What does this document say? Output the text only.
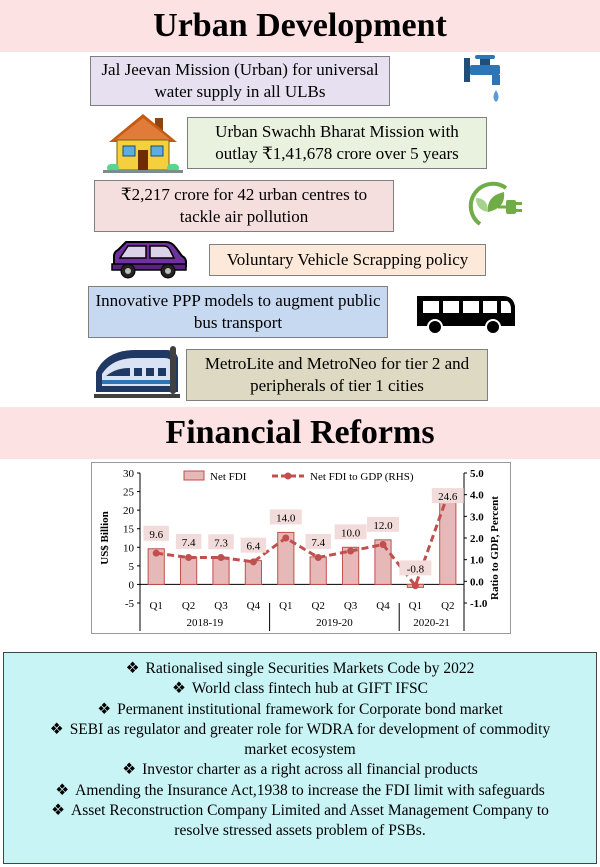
Urban Development
Jal Jeevan Mission (Urban) for universal water supply in all ULBs
Urban Swachh Bharat Mission with outlay ₹1,41,678 crore over 5 years
₹2,217 crore for 42 urban centres to tackle air pollution
Voluntary Vehicle Scrapping policy
Innovative PPP models to augment public bus transport
MetroLite and MetroNeo for tier 2 and peripherals of tier 1 cities
Financial Reforms
-5
0
5
10
15
20
25
30
-1.0
0.0
1.0
2.0
3.0
4.0
5.0
US$ Billion	Ratio to GDP, Percent
Q1 Q2 Q3 Q4 Q1 Q2 Q3 Q4 Q1 Q2
2018-19	2019-20	2020-21
9.6
7.4 7.3 6.4
14.0
7.4
10.0
12.0
-0.8
24.6
Net FDI	Net FDI to GDP (RHS)
❖ Rationalised single Securities Markets Code by 2022
❖ World class fintech hub at GIFT IFSC
❖ Permanent institutional framework for Corporate bond market
❖ SEBI as regulator and greater role for WDRA for development of commodity market ecosystem
❖ Investor charter as a right across all financial products
❖ Amending the Insurance Act,1938 to increase the FDI limit with safeguards
❖ Asset Reconstruction Company Limited and Asset Management Company to resolve stressed assets problem of PSBs.
